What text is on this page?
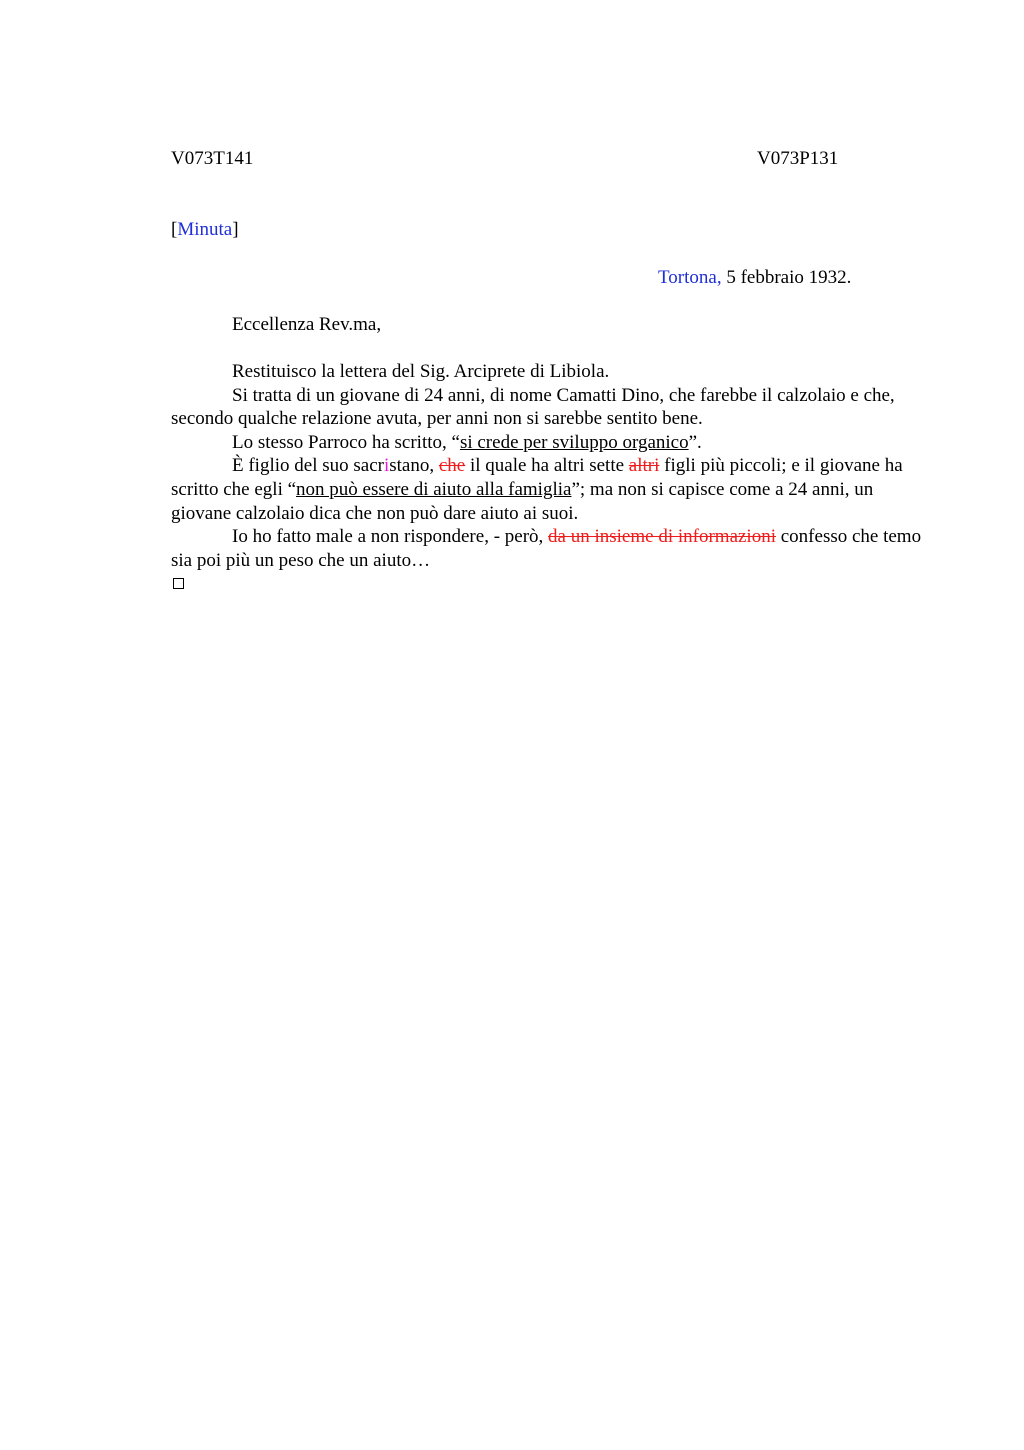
V073T141	V073P131
[Minuta]
Tortona, 5 febbraio 1932.
Eccellenza Rev.ma,

Restituisco la lettera del Sig. Arciprete di Libiola.

Si tratta di un giovane di 24 anni, di nome Camatti Dino, che farebbe il calzolaio e che, secondo qualche relazione avuta, per anni non si sarebbe sentito bene.

Lo stesso Parroco ha scritto, “si crede per sviluppo organico”.

È figlio del suo sacristano, che il quale ha altri sette altri figli più piccoli; e il giovane ha scritto che egli “non può essere di aiuto alla famiglia”; ma non si capisce come a 24 anni, un giovane calzolaio dica che non può dare aiuto ai suoi.

Io ho fatto male a non rispondere, - però, da un insieme di informazioni confesso che temo sia poi più un peso che un aiuto…
